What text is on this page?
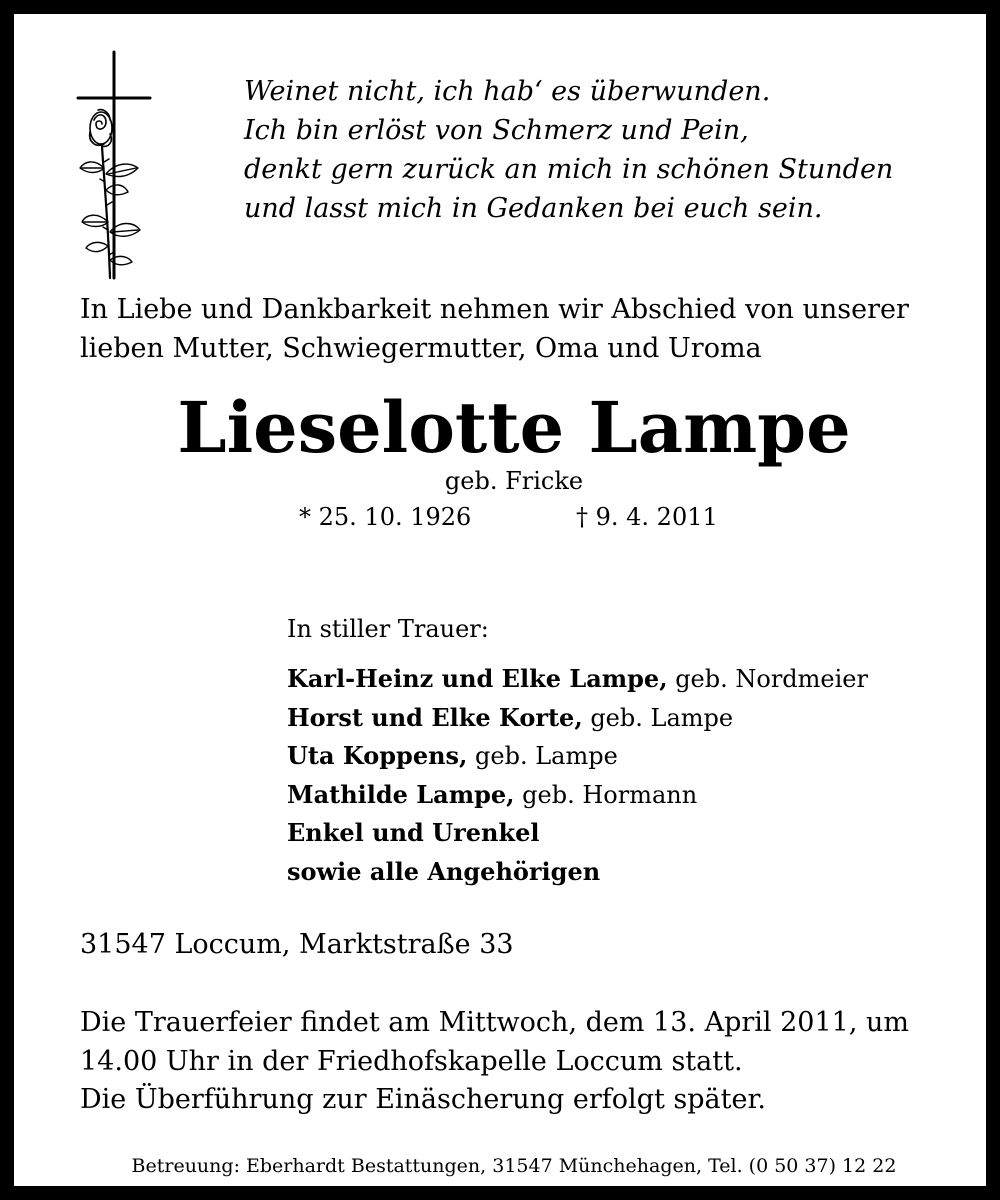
Weinet nicht, ich hab‘ es überwunden.
Ich bin erlöst von Schmerz und Pein,
denkt gern zurück an mich in schönen Stunden
und lasst mich in Gedanken bei euch sein.
In Liebe und Dankbarkeit nehmen wir Abschied von unserer
lieben Mutter, Schwiegermutter, Oma und Uroma
Lieselotte Lampe
geb. Fricke
* 25. 10. 1926	† 9. 4. 2011
In stiller Trauer:
Karl-Heinz und Elke Lampe, geb. Nordmeier
Horst und Elke Korte, geb. Lampe
Uta Koppens, geb. Lampe
Mathilde Lampe, geb. Hormann
Enkel und Urenkel
sowie alle Angehörigen
31547 Loccum, Marktstraße 33
Die Trauerfeier findet am Mittwoch, dem 13. April 2011, um
14.00 Uhr in der Friedhofskapelle Loccum statt.
Die Überführung zur Einäscherung erfolgt später.
Betreuung: Eberhardt Bestattungen, 31547 Münchehagen, Tel. (0 50 37) 12 22
